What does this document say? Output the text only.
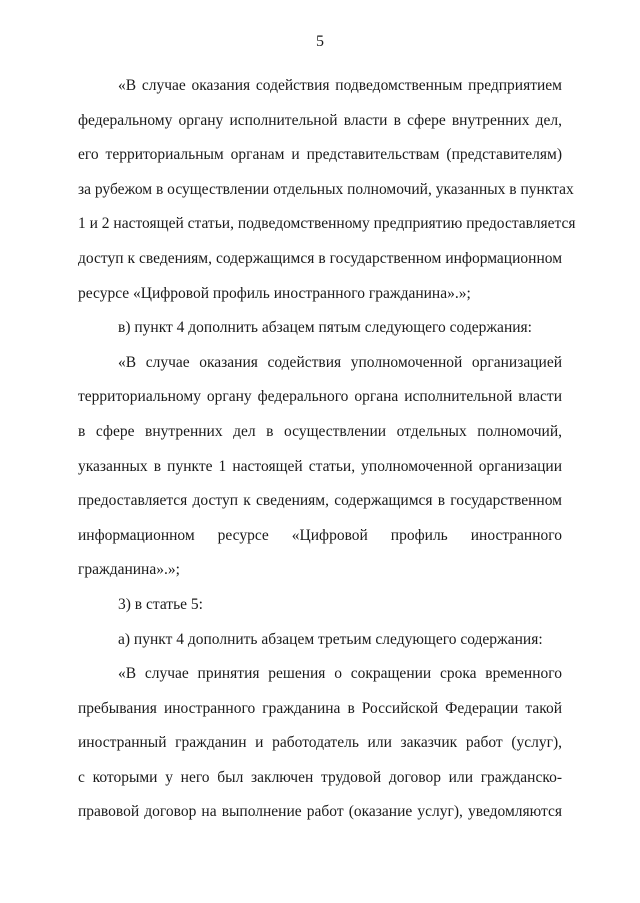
5

«В случае оказания содействия подведомственным предприятием

федеральному органу исполнительной власти в сфере внутренних дел,

его территориальным органам и представительствам (представителям)

за рубежом в осуществлении отдельных полномочий, указанных в пунктах

1 и 2 настоящей статьи, подведомственному предприятию предоставляется

доступ к сведениям, содержащимся в государственном информационном

ресурсе «Цифровой профиль иностранного гражданина».»;

в) пункт 4 дополнить абзацем пятым следующего содержания:

«В случае оказания содействия уполномоченной организацией

территориальному органу федерального органа исполнительной власти

в сфере внутренних дел в осуществлении отдельных полномочий,

указанных в пункте 1 настоящей статьи, уполномоченной организации

предоставляется доступ к сведениям, содержащимся в государственном

информационном ресурсе «Цифровой профиль иностранного

гражданина».»;

3) в статье 5:

а) пункт 4 дополнить абзацем третьим следующего содержания:

«В случае принятия решения о сокращении срока временного

пребывания иностранного гражданина в Российской Федерации такой

иностранный гражданин и работодатель или заказчик работ (услуг),

с которыми у него был заключен трудовой договор или гражданско-

правовой договор на выполнение работ (оказание услуг), уведомляются
